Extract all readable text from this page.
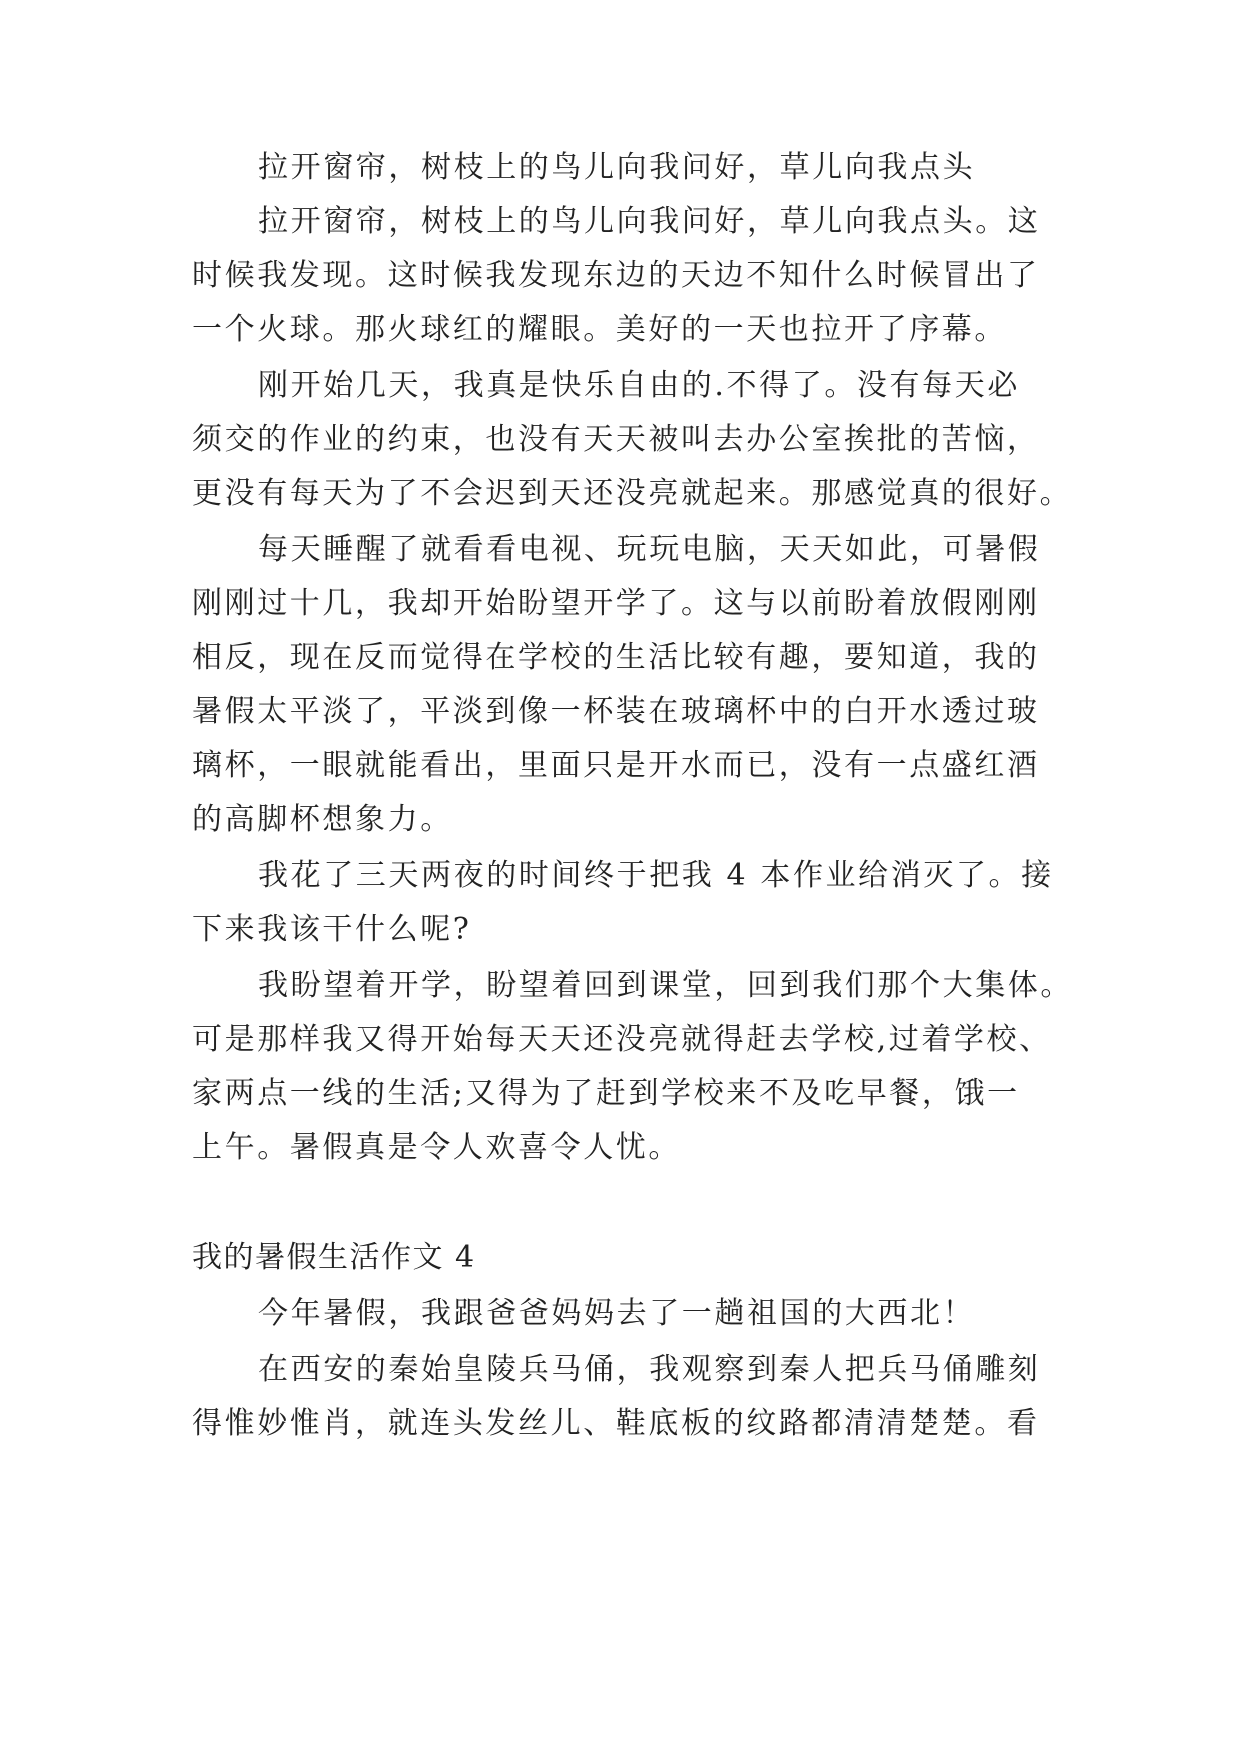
拉开窗帘，树枝上的鸟儿向我问好，草儿向我点头
拉开窗帘，树枝上的鸟儿向我问好，草儿向我点头。这
时候我发现。这时候我发现东边的天边不知什么时候冒出了
一个火球。那火球红的耀眼。美好的一天也拉开了序幕。
刚开始几天，我真是快乐自由的.不得了。没有每天必
须交的作业的约束，也没有天天被叫去办公室挨批的苦恼，
更没有每天为了不会迟到天还没亮就起来。那感觉真的很好。
每天睡醒了就看看电视、玩玩电脑，天天如此，可暑假
刚刚过十几，我却开始盼望开学了。这与以前盼着放假刚刚
相反，现在反而觉得在学校的生活比较有趣，要知道，我的
暑假太平淡了，平淡到像一杯装在玻璃杯中的白开水透过玻
璃杯，一眼就能看出，里面只是开水而已，没有一点盛红酒
的高脚杯想象力。
我花了三天两夜的时间终于把我 4 本作业给消灭了。接
下来我该干什么呢?
我盼望着开学，盼望着回到课堂，回到我们那个大集体。
可是那样我又得开始每天天还没亮就得赶去学校,过着学校、
家两点一线的生活;又得为了赶到学校来不及吃早餐，饿一
上午。暑假真是令人欢喜令人忧。
我的暑假生活作文 4
今年暑假，我跟爸爸妈妈去了一趟祖国的大西北！
在西安的秦始皇陵兵马俑，我观察到秦人把兵马俑雕刻
得惟妙惟肖，就连头发丝儿、鞋底板的纹路都清清楚楚。看
